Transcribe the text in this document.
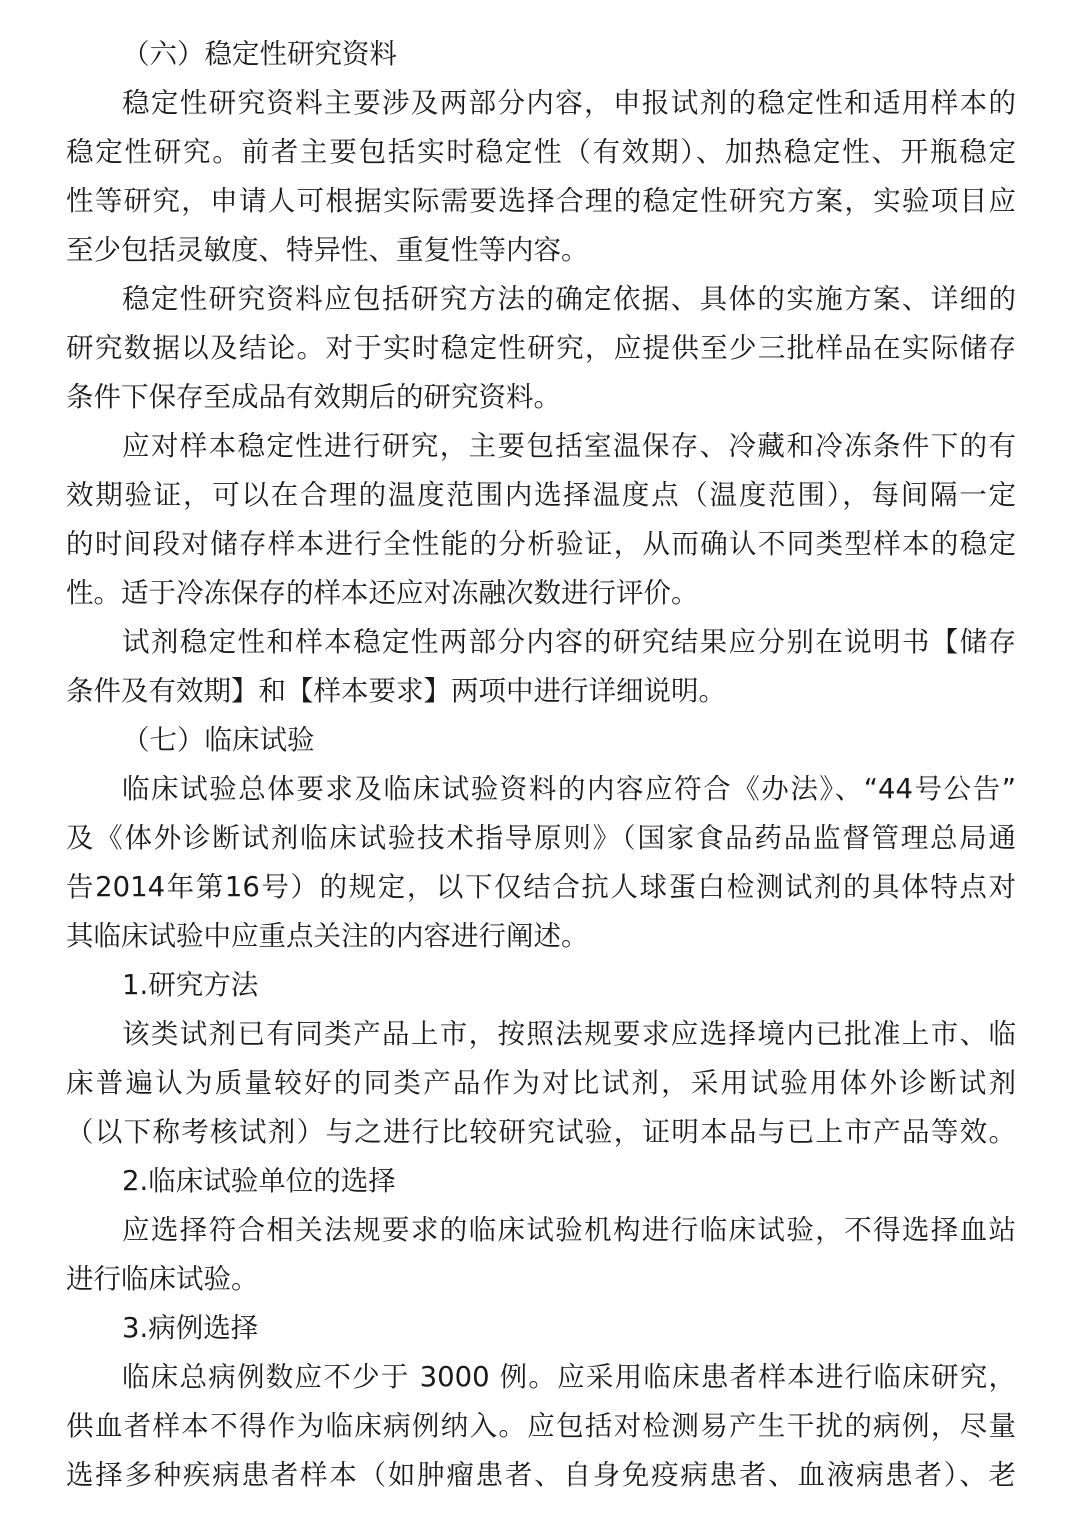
（六）稳定性研究资料
稳定性研究资料主要涉及两部分内容，申报试剂的稳定性和适用样本的
稳定性研究。前者主要包括实时稳定性（有效期）、加热稳定性、开瓶稳定
性等研究，申请人可根据实际需要选择合理的稳定性研究方案，实验项目应
至少包括灵敏度、特异性、重复性等内容。
稳定性研究资料应包括研究方法的确定依据、具体的实施方案、详细的
研究数据以及结论。对于实时稳定性研究，应提供至少三批样品在实际储存
条件下保存至成品有效期后的研究资料。
应对样本稳定性进行研究，主要包括室温保存、冷藏和冷冻条件下的有
效期验证，可以在合理的温度范围内选择温度点（温度范围），每间隔一定
的时间段对储存样本进行全性能的分析验证，从而确认不同类型样本的稳定
性。适于冷冻保存的样本还应对冻融次数进行评价。
试剂稳定性和样本稳定性两部分内容的研究结果应分别在说明书【储存
条件及有效期】和【样本要求】两项中进行详细说明。
（七）临床试验
临床试验总体要求及临床试验资料的内容应符合《办法》、“44号公告”
及《体外诊断试剂临床试验技术指导原则》（国家食品药品监督管理总局通
告2014年第16号）的规定，以下仅结合抗人球蛋白检测试剂的具体特点对
其临床试验中应重点关注的内容进行阐述。
1.研究方法
该类试剂已有同类产品上市，按照法规要求应选择境内已批准上市、临
床普遍认为质量较好的同类产品作为对比试剂，采用试验用体外诊断试剂
（以下称考核试剂）与之进行比较研究试验，证明本品与已上市产品等效。
2.临床试验单位的选择
应选择符合相关法规要求的临床试验机构进行临床试验，不得选择血站
进行临床试验。
3.病例选择
临床总病例数应不少于 3000 例。应采用临床患者样本进行临床研究，
供血者样本不得作为临床病例纳入。应包括对检测易产生干扰的病例，尽量
选择多种疾病患者样本（如肿瘤患者、自身免疫病患者、血液病患者）、老
